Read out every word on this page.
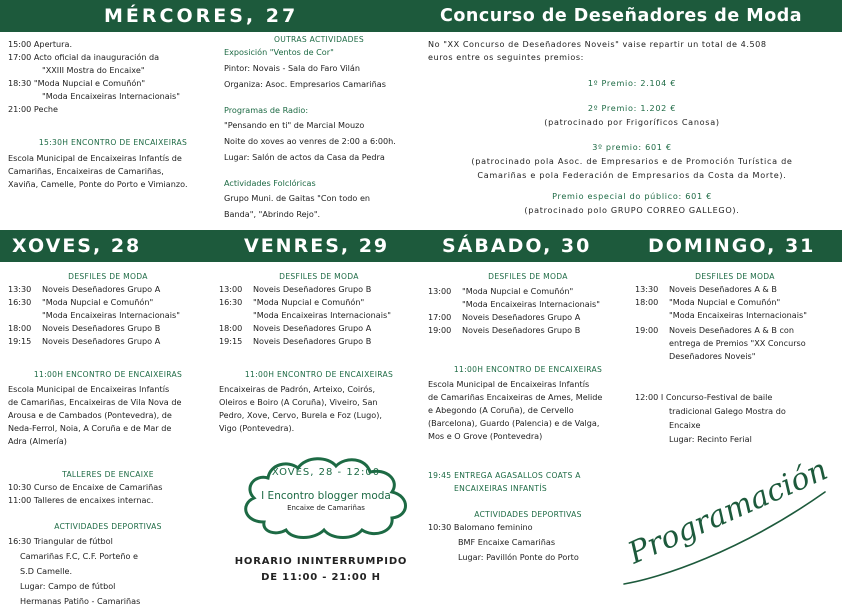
MÉRCORES, 27	Concurso de Deseñadores de Moda
15:00 Apertura.
17:00 Acto oficial da inauguración da
"XXIII Mostra do Encaixe"
18:30 "Moda Nupcial e Comuñón"
"Moda Encaixeiras Internacionais"
21:00 Peche
15:30H ENCONTRO DE ENCAIXEIRAS
Escola Municipal de Encaixeiras Infantís de
Camariñas, Encaixeiras de Camariñas,
Xaviña, Camelle, Ponte do Porto e Vimianzo.
OUTRAS ACTIVIDADES
Exposición "Ventos de Cor"
Pintor: Novais - Sala do Faro Vilán
Organiza: Asoc. Empresarios Camariñas
Programas de Radio:
"Pensando en ti" de Marcial Mouzo
Noite do xoves ao venres de 2:00 a 6:00h.
Lugar: Salón de actos da Casa da Pedra
Actividades Folclóricas
Grupo Muni. de Gaitas "Con todo en
Banda", "Abrindo Rejo".
No "XX Concurso de Deseñadores Noveis" vaise repartir un total de 4.508
euros entre os seguintes premios:
1º Premio: 2.104 €
2º Premio: 1.202 €
(patrocinado por Frigoríficos Canosa)
3º premio: 601 €
(patrocinado pola Asoc. de Empresarios e de Promoción Turística de
Camariñas e pola Federación de Empresarios da Costa da Morte).
Premio especial do público: 601 €
(patrocinado polo GRUPO CORREO GALLEGO).
XOVES, 28	VENRES, 29	SÁBADO, 30	DOMINGO, 31
DESFILES DE MODA
13:30 Noveis Deseñadores Grupo A
16:30 "Moda Nupcial e Comuñón"
"Moda Encaixeiras Internacionais"
18:00 Noveis Deseñadores Grupo B
19:15 Noveis Deseñadores Grupo A
11:00H ENCONTRO DE ENCAIXEIRAS
Escola Municipal de Encaixeiras Infantís
de Camariñas, Encaixeiras de Vila Nova de
Arousa e de Cambados (Pontevedra), de
Neda-Ferrol, Noia, A Coruña e de Mar de
Adra (Almería)
TALLERES DE ENCAIXE
10:30 Curso de Encaixe de Camariñas
11:00 Talleres de encaixes internac.
ACTIVIDADES DEPORTIVAS
16:30 Triangular de fútbol
Camariñas F.C, C.F. Porteño e
S.D Camelle.
Lugar: Campo de fútbol
Hermanas Patiño - Camariñas
DESFILES DE MODA
13:00 Noveis Deseñadores Grupo B
16:30 "Moda Nupcial e Comuñón"
"Moda Encaixeiras Internacionais"
18:00 Noveis Deseñadores Grupo A
19:15 Noveis Deseñadores Grupo B
11:00H ENCONTRO DE ENCAIXEIRAS
Encaixeiras de Padrón, Arteixo, Coirós,
Oleiros e Boiro (A Coruña), Viveiro, San
Pedro, Xove, Cervo, Burela e Foz (Lugo),
Vigo (Pontevedra).
XOVES, 28 - 12:00
I Encontro blogger moda
Encaixe de Camariñas
HORARIO ININTERRUMPIDO
DE 11:00 - 21:00 H
DESFILES DE MODA
13:00 "Moda Nupcial e Comuñón"
"Moda Encaixeiras Internacionais"
17:00 Noveis Deseñadores Grupo A
19:00 Noveis Deseñadores Grupo B
11:00H ENCONTRO DE ENCAIXEIRAS
Escola Municipal de Encaixeiras Infantís
de Camariñas Encaixeiras de Ames, Melide
e Abegondo (A Coruña), de Cervello
(Barcelona), Guardo (Palencia) e de Valga,
Mos e O Grove (Pontevedra)
19:45 ENTREGA AGASALLOS COATS A
ENCAIXEIRAS INFANTÍS
ACTIVIDADES DEPORTIVAS
10:30 Balomano feminino
BMF Encaixe Camariñas
Lugar: Pavillón Ponte do Porto
DESFILES DE MODA
13:30 Noveis Deseñadores A & B
18:00 "Moda Nupcial e Comuñón"
"Moda Encaixeiras Internacionais"
19:00 Noveis Deseñadores A & B con
entrega de Premios "XX Concurso
Deseñadores Noveis"
12:00 I Concurso-Festival de baile
tradicional Galego Mostra do
Encaixe
Lugar: Recinto Ferial
Programación
